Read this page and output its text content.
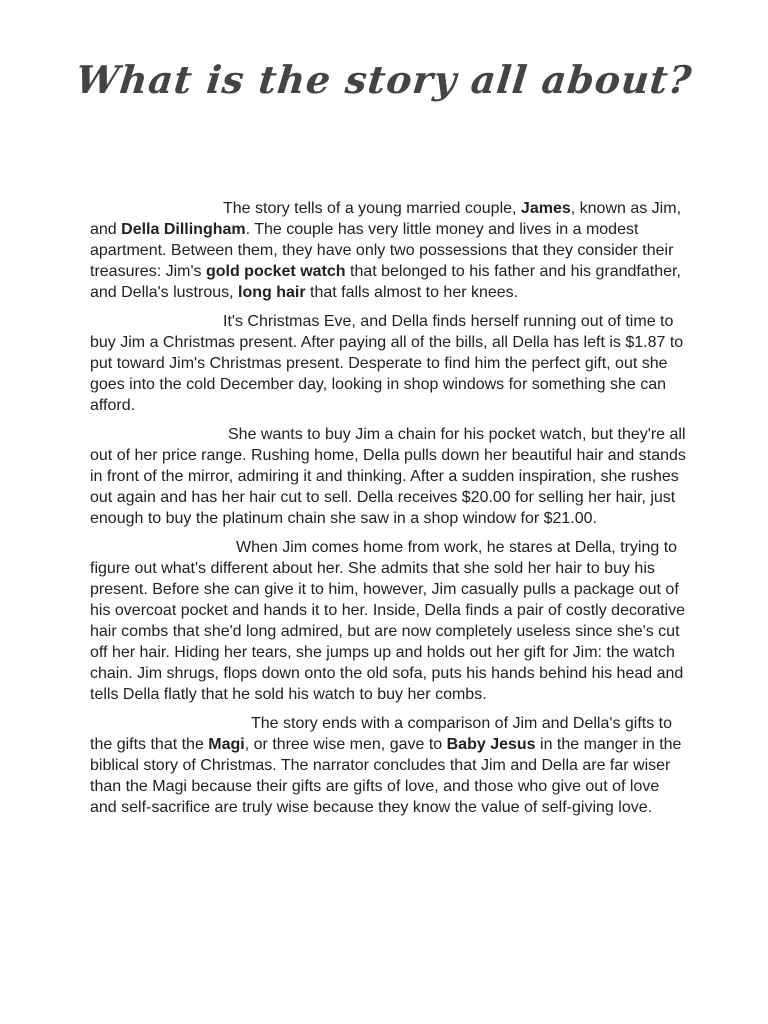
What is the story all about?

The story tells of a young married couple, James, known as Jim, and Della Dillingham. The couple has very little money and lives in a modest apartment. Between them, they have only two possessions that they consider their treasures: Jim's gold pocket watch that belonged to his father and his grandfather, and Della's lustrous, long hair that falls almost to her knees.

It's Christmas Eve, and Della finds herself running out of time to buy Jim a Christmas present. After paying all of the bills, all Della has left is $1.87 to put toward Jim's Christmas present. Desperate to find him the perfect gift, out she goes into the cold December day, looking in shop windows for something she can afford.

She wants to buy Jim a chain for his pocket watch, but they're all out of her price range. Rushing home, Della pulls down her beautiful hair and stands in front of the mirror, admiring it and thinking. After a sudden inspiration, she rushes out again and has her hair cut to sell. Della receives $20.00 for selling her hair, just enough to buy the platinum chain she saw in a shop window for $21.00.

When Jim comes home from work, he stares at Della, trying to figure out what's different about her. She admits that she sold her hair to buy his present. Before she can give it to him, however, Jim casually pulls a package out of his overcoat pocket and hands it to her. Inside, Della finds a pair of costly decorative hair combs that she'd long admired, but are now completely useless since she's cut off her hair. Hiding her tears, she jumps up and holds out her gift for Jim: the watch chain. Jim shrugs, flops down onto the old sofa, puts his hands behind his head and tells Della flatly that he sold his watch to buy her combs.

The story ends with a comparison of Jim and Della's gifts to the gifts that the Magi, or three wise men, gave to Baby Jesus in the manger in the biblical story of Christmas. The narrator concludes that Jim and Della are far wiser than the Magi because their gifts are gifts of love, and those who give out of love and self-sacrifice are truly wise because they know the value of self-giving love.
